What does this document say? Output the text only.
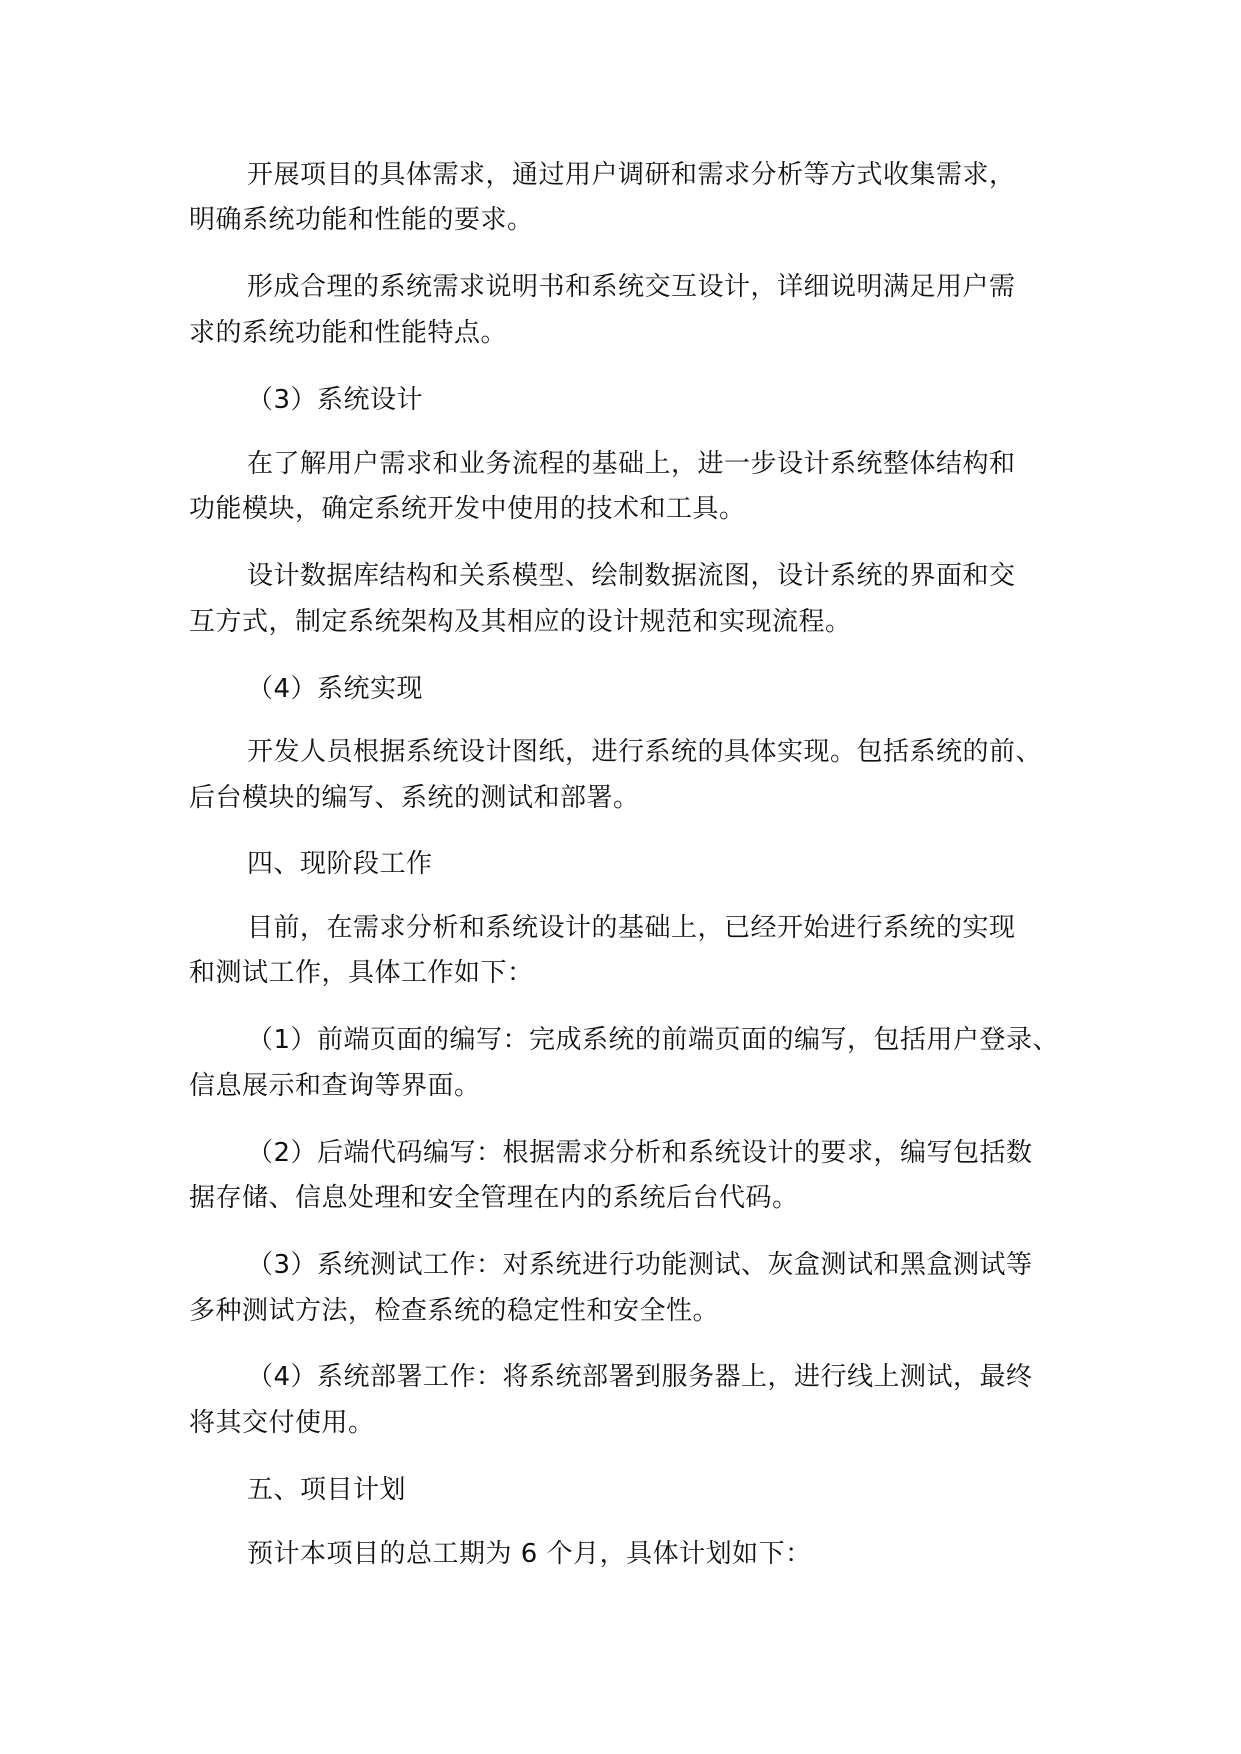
开展项目的具体需求，通过用户调研和需求分析等方式收集需求，
明确系统功能和性能的要求。
形成合理的系统需求说明书和系统交互设计，详细说明满足用户需
求的系统功能和性能特点。
（3）系统设计
在了解用户需求和业务流程的基础上，进一步设计系统整体结构和
功能模块，确定系统开发中使用的技术和工具。
设计数据库结构和关系模型、绘制数据流图，设计系统的界面和交
互方式，制定系统架构及其相应的设计规范和实现流程。
（4）系统实现
开发人员根据系统设计图纸，进行系统的具体实现。包括系统的前、
后台模块的编写、系统的测试和部署。
四、现阶段工作
目前，在需求分析和系统设计的基础上，已经开始进行系统的实现
和测试工作，具体工作如下：
（1）前端页面的编写：完成系统的前端页面的编写，包括用户登录、
信息展示和查询等界面。
（2）后端代码编写：根据需求分析和系统设计的要求，编写包括数
据存储、信息处理和安全管理在内的系统后台代码。
（3）系统测试工作：对系统进行功能测试、灰盒测试和黑盒测试等
多种测试方法，检查系统的稳定性和安全性。
（4）系统部署工作：将系统部署到服务器上，进行线上测试，最终
将其交付使用。
五、项目计划
预计本项目的总工期为 6 个月，具体计划如下：
